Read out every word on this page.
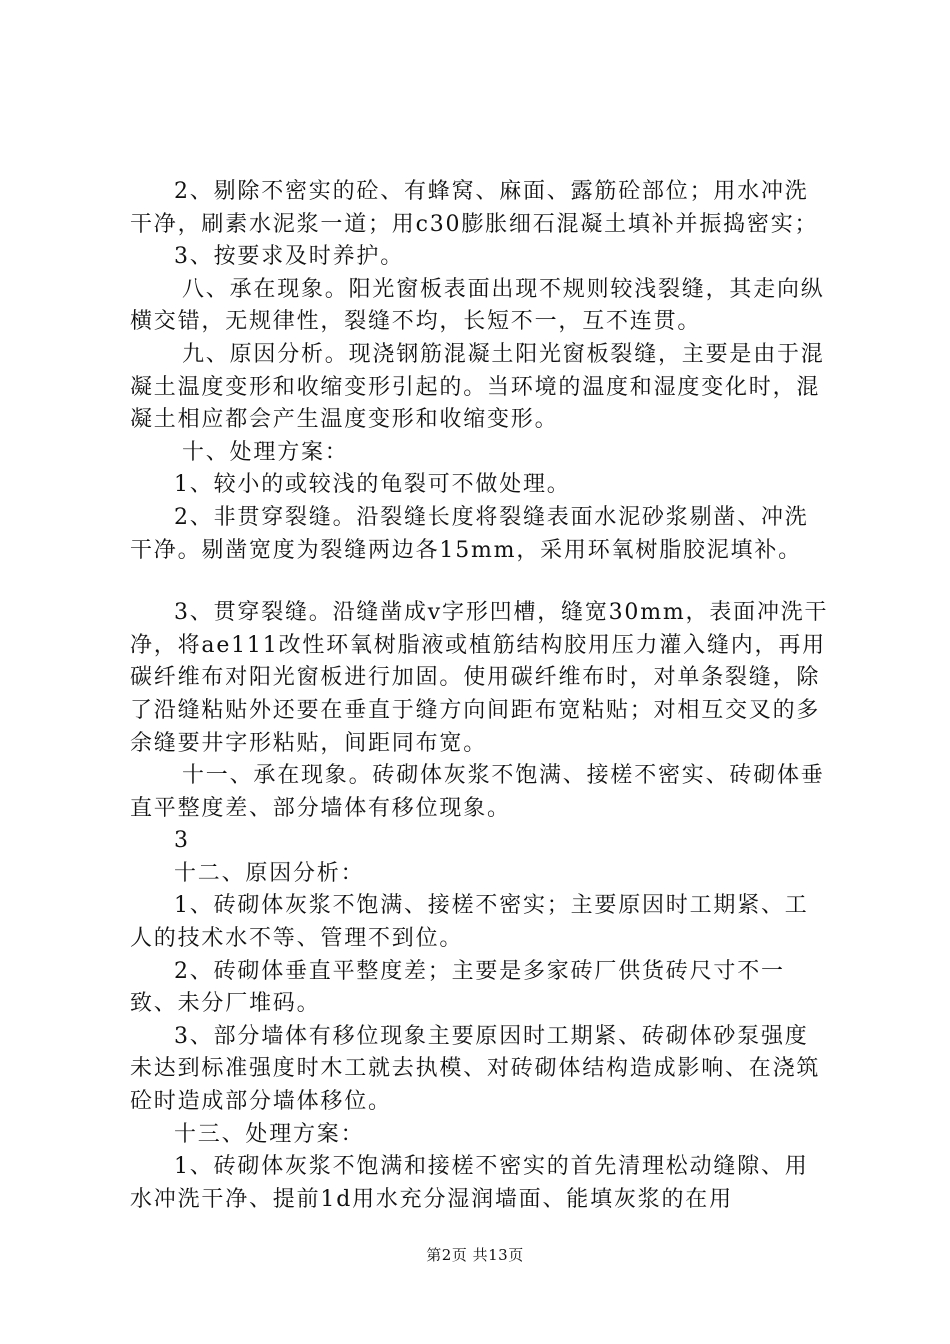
2、剔除不密实的砼、有蜂窝、麻面、露筋砼部位；用水冲洗干净，刷素水泥浆一道；用c30膨胀细石混凝土填补并振捣密实；

3、按要求及时养护。

八、承在现象。阳光窗板表面出现不规则较浅裂缝，其走向纵横交错，无规律性，裂缝不均，长短不一，互不连贯。

九、原因分析。现浇钢筋混凝土阳光窗板裂缝，主要是由于混凝土温度变形和收缩变形引起的。当环境的温度和湿度变化时，混凝土相应都会产生温度变形和收缩变形。

十、处理方案：

1、较小的或较浅的龟裂可不做处理。

2、非贯穿裂缝。沿裂缝长度将裂缝表面水泥砂浆剔凿、冲洗干净。剔凿宽度为裂缝两边各15mm，采用环氧树脂胶泥填补。

3、贯穿裂缝。沿缝凿成v字形凹槽，缝宽30mm，表面冲洗干净，将ae111改性环氧树脂液或植筋结构胶用压力灌入缝内，再用碳纤维布对阳光窗板进行加固。使用碳纤维布时，对单条裂缝，除了沿缝粘贴外还要在垂直于缝方向间距布宽粘贴；对相互交叉的多余缝要井字形粘贴，间距同布宽。

十一、承在现象。砖砌体灰浆不饱满、接槎不密实、砖砌体垂直平整度差、部分墙体有移位现象。

3

十二、原因分析：

1、砖砌体灰浆不饱满、接槎不密实；主要原因时工期紧、工人的技术水不等、管理不到位。

2、砖砌体垂直平整度差；主要是多家砖厂供货砖尺寸不一致、未分厂堆码。

3、部分墙体有移位现象主要原因时工期紧、砖砌体砂泵强度未达到标准强度时木工就去执模、对砖砌体结构造成影响、在浇筑砼时造成部分墙体移位。

十三、处理方案：

1、砖砌体灰浆不饱满和接槎不密实的首先清理松动缝隙、用水冲洗干净、提前1d用水充分湿润墙面、能填灰浆的在用

第2页 共13页
